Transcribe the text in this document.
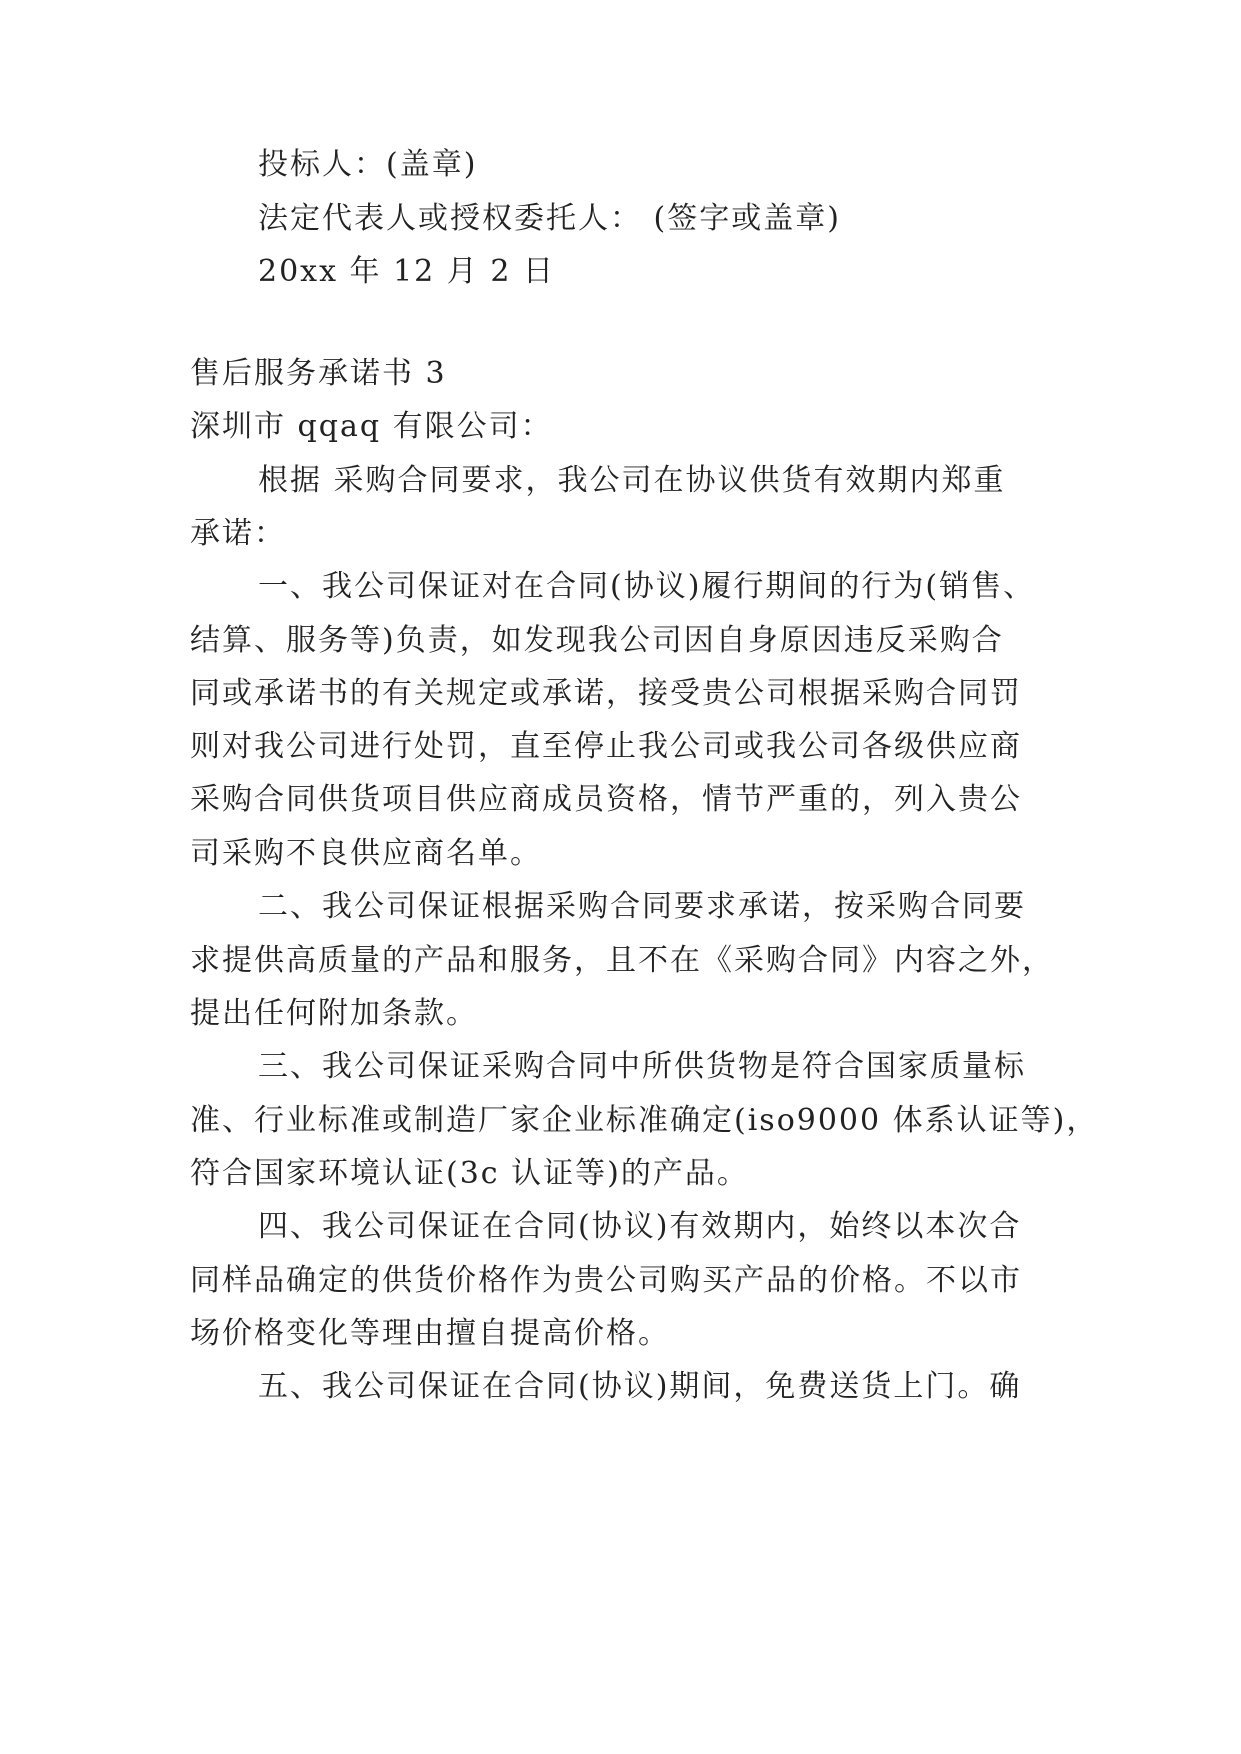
投标人：(盖章)
法定代表人或授权委托人： (签字或盖章)
20xx 年 12 月 2 日
售后服务承诺书 3
深圳市 qqaq 有限公司：
根据 采购合同要求，我公司在协议供货有效期内郑重
承诺：
一、我公司保证对在合同(协议)履行期间的行为(销售、
结算、服务等)负责，如发现我公司因自身原因违反采购合
同或承诺书的有关规定或承诺，接受贵公司根据采购合同罚
则对我公司进行处罚，直至停止我公司或我公司各级供应商
采购合同供货项目供应商成员资格，情节严重的，列入贵公
司采购不良供应商名单。
二、我公司保证根据采购合同要求承诺，按采购合同要
求提供高质量的产品和服务，且不在《采购合同》内容之外，
提出任何附加条款。
三、我公司保证采购合同中所供货物是符合国家质量标
准、行业标准或制造厂家企业标准确定(iso9000 体系认证等)，
符合国家环境认证(3c 认证等)的产品。
四、我公司保证在合同(协议)有效期内，始终以本次合
同样品确定的供货价格作为贵公司购买产品的价格。不以市
场价格变化等理由擅自提高价格。
五、我公司保证在合同(协议)期间，免费送货上门。确
